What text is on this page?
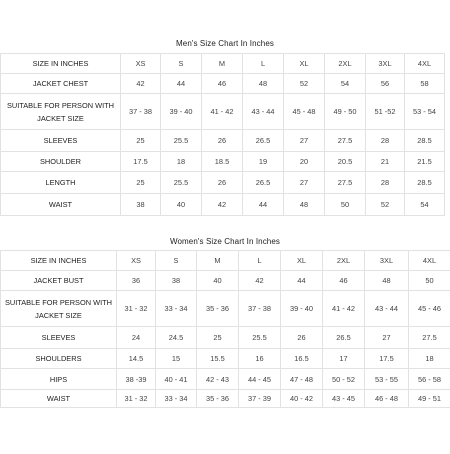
Men's Size Chart In Inches
SIZE IN INCHES	XS	S	M	L	XL	2XL	3XL	4XL
JACKET CHEST	42	44	46	48	52	54	56	58
SUITABLE FOR PERSON WITH JACKET SIZE	37 - 38	39 - 40	41 - 42	43 - 44	45 - 48	49 - 50	51 -52	53 - 54
SLEEVES	25	25.5	26	26.5	27	27.5	28	28.5
SHOULDER	17.5	18	18.5	19	20	20.5	21	21.5
LENGTH	25	25.5	26	26.5	27	27.5	28	28.5
WAIST	38	40	42	44	48	50	52	54
Women's Size Chart In Inches
SIZE IN INCHES	XS	S	M	L	XL	2XL	3XL	4XL
JACKET BUST	36	38	40	42	44	46	48	50
SUITABLE FOR PERSON WITH JACKET SIZE	31 - 32	33 - 34	35 - 36	37 - 38	39 - 40	41 - 42	43 - 44	45 - 46
SLEEVES	24	24.5	25	25.5	26	26.5	27	27.5
SHOULDERS	14.5	15	15.5	16	16.5	17	17.5	18
HIPS	38 -39	40 - 41	42 - 43	44 - 45	47 - 48	50 - 52	53 - 55	56 - 58
WAIST	31 - 32	33 - 34	35 - 36	37 - 39	40 - 42	43 - 45	46 - 48	49 - 51
